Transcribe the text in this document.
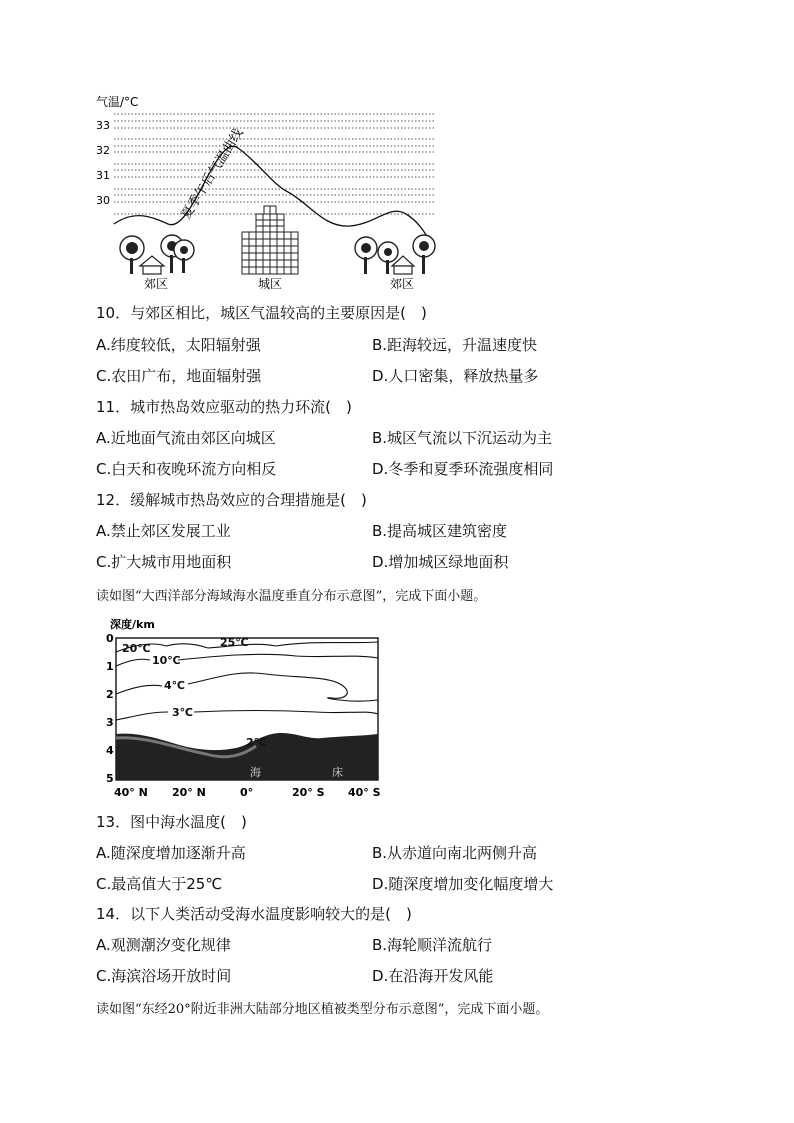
气温/°C
33
32
31
30	夏季午后气温曲线
郊区	城区	郊区
10．与郊区相比，城区气温较高的主要原因是(　)
A.纬度较低，太阳辐射强	B.距海较远，升温速度快
C.农田广布，地面辐射强	D.人口密集，释放热量多
11．城市热岛效应驱动的热力环流(　)
A.近地面气流由郊区向城区	B.城区气流以下沉运动为主
C.白天和夜晚环流方向相反	D.冬季和夏季环流强度相同
12．缓解城市热岛效应的合理措施是(　)
A.禁止郊区发展工业	B.提高城区建筑密度
C.扩大城市用地面积	D.增加城区绿地面积
读如图“大西洋部分海域海水温度垂直分布示意图”，完成下面小题。
深度/km
0
1
2
3
4
5
20℃	25℃
10℃
4℃
3℃
2℃
海	床
40° N 20° N	0°	20° S 40° S
13．图中海水温度(　)
A.随深度增加逐渐升高	B.从赤道向南北两侧升高
C.最高值大于25℃	D.随深度增加变化幅度增大
14．以下人类活动受海水温度影响较大的是(　)
A.观测潮汐变化规律	B.海轮顺洋流航行
C.海滨浴场开放时间	D.在沿海开发风能
读如图“东经20°附近非洲大陆部分地区植被类型分布示意图”，完成下面小题。
